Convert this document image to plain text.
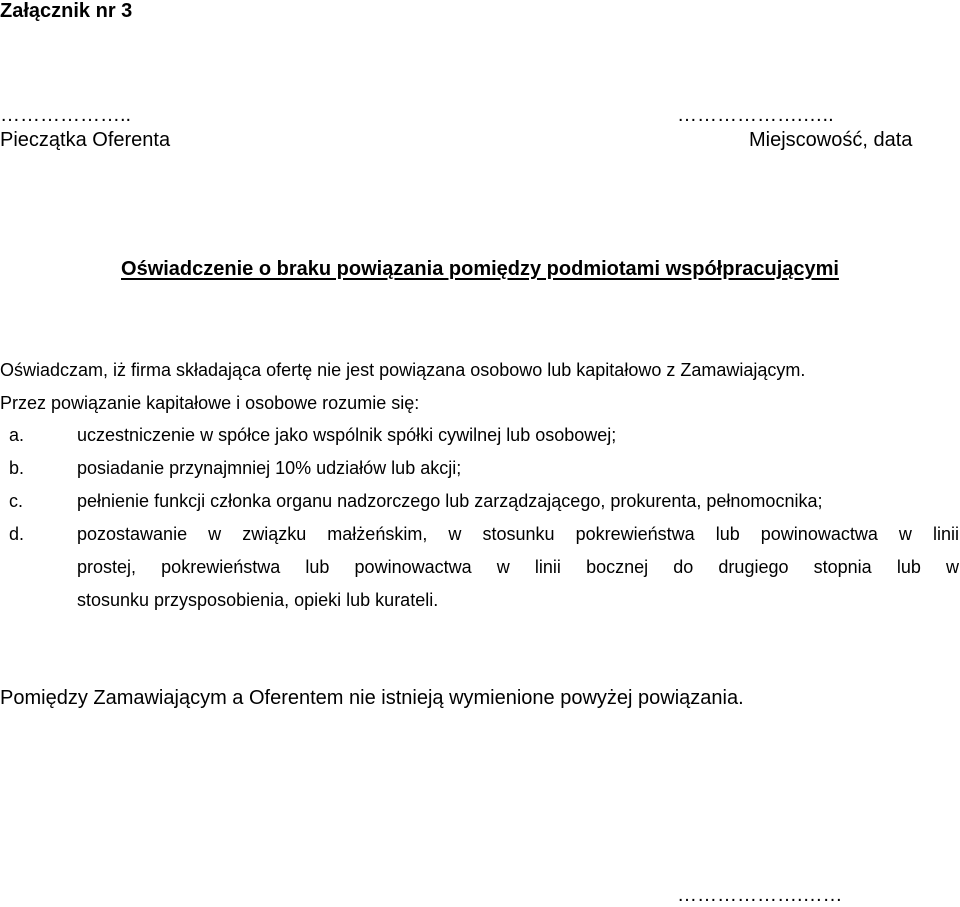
Załącznik nr 3
………………..
Pieczątka Oferenta
……………….…..
Miejscowość, data
Oświadczenie o braku powiązania pomiędzy podmiotami współpracującymi
Oświadczam, iż firma składająca ofertę nie jest powiązana osobowo lub kapitałowo z Zamawiającym.
Przez powiązanie kapitałowe i osobowe rozumie się:
a.	uczestniczenie w spółce jako wspólnik spółki cywilnej lub osobowej;
b.	posiadanie przynajmniej 10% udziałów lub akcji;
c.	pełnienie funkcji członka organu nadzorczego lub zarządzającego, prokurenta, pełnomocnika;
d.	pozostawanie w związku małżeńskim, w stosunku pokrewieństwa lub powinowactwa w linii
prostej, pokrewieństwa lub powinowactwa w linii bocznej do drugiego stopnia lub w
stosunku przysposobienia, opieki lub kurateli.
Pomiędzy Zamawiającym a Oferentem nie istnieją wymienione powyżej powiązania.
……………….……
